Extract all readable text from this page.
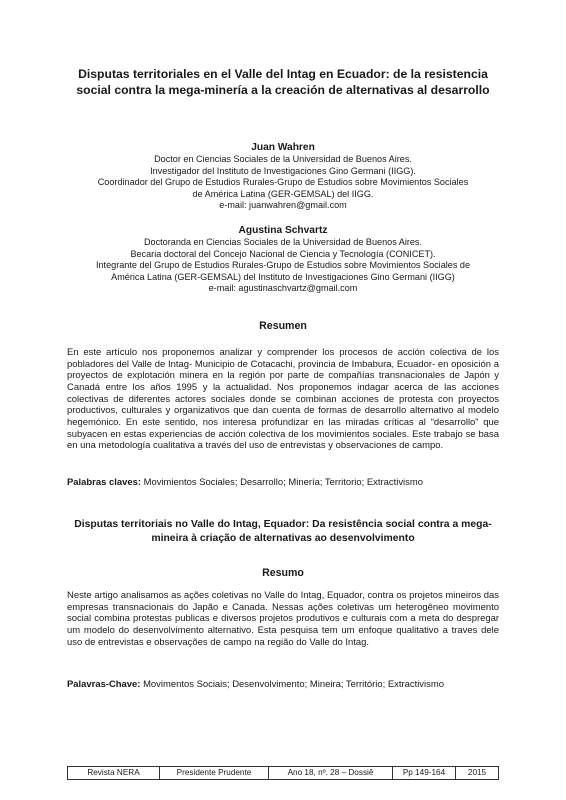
Disputas territoriales en el Valle del Intag en Ecuador: de la resistencia social contra la mega-minería a la creación de alternativas al desarrollo
Juan Wahren
Doctor en Ciencias Sociales de la Universidad de Buenos Aires.
Investigador del Instituto de Investigaciones Gino Germani (IIGG).
Coordinador del Grupo de Estudios Rurales-Grupo de Estudios sobre Movimientos Sociales
de América Latina (GER-GEMSAL) del IIGG.
e-mail: juanwahren@gmail.com
Agustina Schvartz
Doctoranda en Ciencias Sociales de la Universidad de Buenos Aires.
Becaria doctoral del Concejo Nacional de Ciencia y Tecnología (CONICET).
Integrante del Grupo de Estudios Rurales-Grupo de Estudios sobre Movimientos Sociales de
América Latina (GER-GEMSAL) del Instituto de Investigaciones Gino Germani (IIGG)
e-mail: agustinaschvartz@gmail.com
Resumen

En este artículo nos proponemos analizar y comprender los procesos de acción colectiva de los pobladores del Valle de Intag- Municipio de Cotacachi, provincia de Imbabura, Ecuador- en oposición a proyectos de explotación minera en la región por parte de compañías transnacionales de Japón y Canadá entre los años 1995 y la actualidad. Nos proponemos indagar acerca de las acciones colectivas de diferentes actores sociales donde se combinan acciones de protesta con proyectos productivos, culturales y organizativos que dan cuenta de formas de desarrollo alternativo al modelo hegemónico. En este sentido, nos interesa profundizar en las miradas críticas al “desarrollo” que subyacen en estas experiencias de acción colectiva de los movimientos sociales. Este trabajo se basa en una metodología cualitativa a través del uso de entrevistas y observaciones de campo.

Palabras claves: Movimientos Sociales; Desarrollo; Minería; Territorio; Extractivismo
Disputas territoriais no Valle do Intag, Equador: Da resistência social contra a mega-mineira à criação de alternativas ao desenvolvimento
Resumo

Neste artigo analisamos as ações coletivas no Valle do Intag, Equador, contra os projetos mineiros das empresas transnacionais do Japão e Canada. Nessas ações coletivas um heterogêneo movimento social combina protestas publicas e diversos projetos produtivos e culturais com a meta do despregar um modelo do desenvolvimento alternativo. Esta pesquisa tem um enfoque qualitativo a traves dele uso de entrevistas e observações de campo na região do Valle do Intag.

Palavras-Chave: Movimentos Sociais; Desenvolvimento; Mineira; Território; Extractivismo
Revista NERA	Presidente Prudente	Ano 18, nº. 28 – Dossiê	Pp 149-164	2015
